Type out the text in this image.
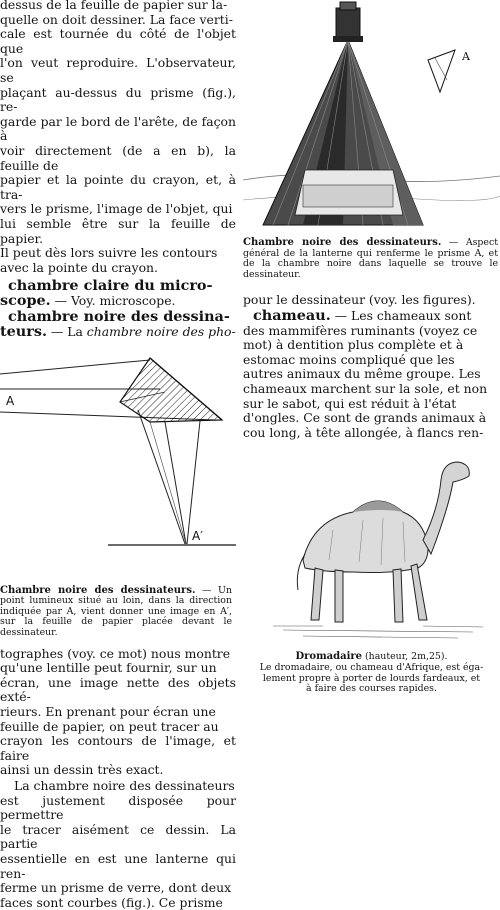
dessus de la feuille de papier sur la-
quelle on doit dessiner. La face verti-
cale est tournée du côté de l'objet que
l'on veut reproduire. L'observateur, se
plaçant au-dessus du prisme (fig.), re-
garde par le bord de l'arête, de façon à
voir directement (de a en b), la feuille de
papier et la pointe du crayon, et, à tra-
vers le prisme, l'image de l'objet, qui
lui semble être sur la feuille de papier.
Il peut dès lors suivre les contours
avec la pointe du crayon.
chambre claire du micro-
scope. — Voy. microscope.
chambre noire des dessina-
teurs. — La chambre noire des pho-
A
A′
Chambre noire des dessinateurs. — Un point lumineux situé au loin, dans la direction indiquée par A, vient donner une image en A′, sur la feuille de papier placée devant le dessinateur.
tographes (voy. ce mot) nous montre
qu'une lentille peut fournir, sur un
écran, une image nette des objets exté-
rieurs. En prenant pour écran une
feuille de papier, on peut tracer au
crayon les contours de l'image, et faire
ainsi un dessin très exact.
La chambre noire des dessinateurs
est justement disposée pour permettre
le tracer aisément ce dessin. La partie
essentielle en est une lanterne qui ren-
ferme un prisme de verre, dont deux
faces sont courbes (fig.). Ce prisme
A
Chambre noire des dessinateurs. — Aspect général de la lanterne qui renferme le prisme A, et de la chambre noire dans laquelle se trouve le dessinateur.
pour le dessinateur (voy. les figures).
chameau. — Les chameaux sont
des mammifères ruminants (voyez ce
mot) à dentition plus complète et à
estomac moins compliqué que les
autres animaux du même groupe. Les
chameaux marchent sur la sole, et non
sur le sabot, qui est réduit à l'état
d'ongles. Ce sont de grands animaux à
cou long, à tête allongée, à flancs ren-
Dromadaire (hauteur, 2m,25).
Le dromadaire, ou chameau d'Afrique, est éga-
lement propre à porter de lourds fardeaux, et
à faire des courses rapides.
